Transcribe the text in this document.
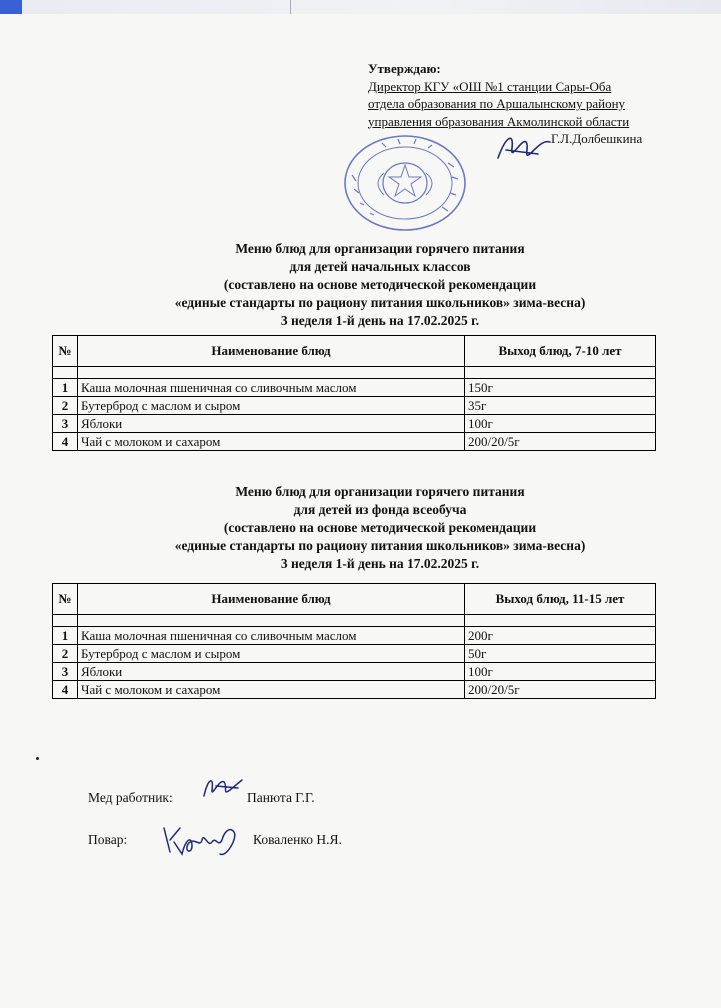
Утверждаю:
Директор КГУ «ОШ №1 станции Сары-Оба
отдела образования по Аршалынскому району
управления образования Акмолинской области
Г.Л.Долбешкина
Меню блюд для организации горячего питания
для детей начальных классов
(составлено на основе методической рекомендации
«единые стандарты по рациону питания школьников» зима-весна)
3 неделя 1-й день на 17.02.2025 г.
№	Наименование блюд	Выход блюд, 7-10 лет

1	Каша молочная пшеничная со сливочным маслом	150г
2	Бутерброд с маслом и сыром	35г
3	Яблоки	100г
4	Чай с молоком и сахаром	200/20/5г
Меню блюд для организации горячего питания
для детей из фонда всеобуча
(составлено на основе методической рекомендации
«единые стандарты по рациону питания школьников» зима-весна)
3 неделя 1-й день на 17.02.2025 г.
№	Наименование блюд	Выход блюд, 11-15 лет

1	Каша молочная пшеничная со сливочным маслом	200г
2	Бутерброд с маслом и сыром	50г
3	Яблоки	100г
4	Чай с молоком и сахаром	200/20/5г
Мед работник:	Панюта Г.Г.
Повар:	Коваленко Н.Я.
